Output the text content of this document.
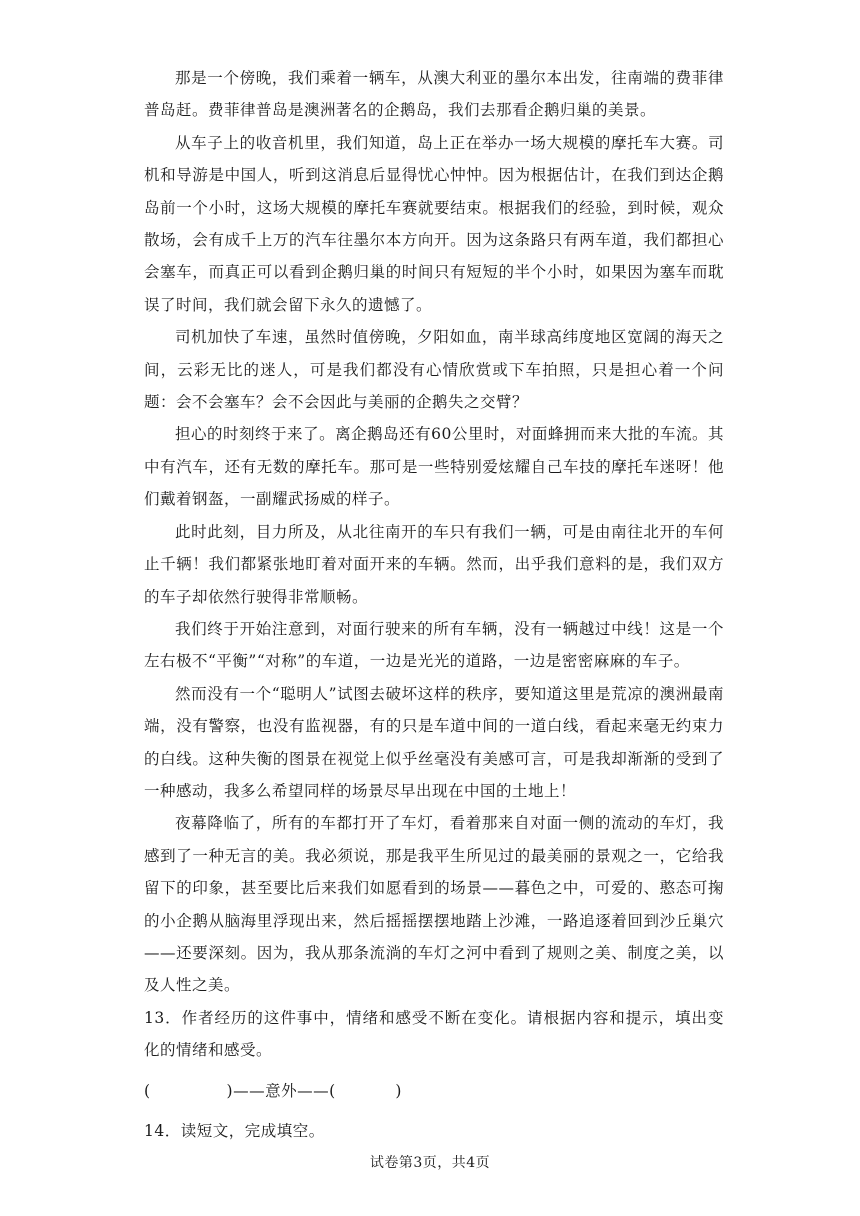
那是一个傍晚，我们乘着一辆车，从澳大利亚的墨尔本出发，往南端的费菲律普岛赶。费菲律普岛是澳洲著名的企鹅岛，我们去那看企鹅归巢的美景。

从车子上的收音机里，我们知道，岛上正在举办一场大规模的摩托车大赛。司机和导游是中国人，听到这消息后显得忧心忡忡。因为根据估计，在我们到达企鹅岛前一个小时，这场大规模的摩托车赛就要结束。根据我们的经验，到时候，观众散场，会有成千上万的汽车往墨尔本方向开。因为这条路只有两车道，我们都担心会塞车，而真正可以看到企鹅归巢的时间只有短短的半个小时，如果因为塞车而耽误了时间，我们就会留下永久的遗憾了。

司机加快了车速，虽然时值傍晚，夕阳如血，南半球高纬度地区宽阔的海天之间，云彩无比的迷人，可是我们都没有心情欣赏或下车拍照，只是担心着一个问题：会不会塞车？会不会因此与美丽的企鹅失之交臂？

担心的时刻终于来了。离企鹅岛还有60公里时，对面蜂拥而来大批的车流。其中有汽车，还有无数的摩托车。那可是一些特别爱炫耀自己车技的摩托车迷呀！他们戴着钢盔，一副耀武扬威的样子。

此时此刻，目力所及，从北往南开的车只有我们一辆，可是由南往北开的车何止千辆！我们都紧张地盯着对面开来的车辆。然而，出乎我们意料的是，我们双方的车子却依然行驶得非常顺畅。

我们终于开始注意到，对面行驶来的所有车辆，没有一辆越过中线！这是一个左右极不“平衡”“对称”的车道，一边是光光的道路，一边是密密麻麻的车子。

然而没有一个“聪明人”试图去破坏这样的秩序，要知道这里是荒凉的澳洲最南端，没有警察，也没有监视器，有的只是车道中间的一道白线，看起来毫无约束力的白线。这种失衡的图景在视觉上似乎丝毫没有美感可言，可是我却渐渐的受到了一种感动，我多么希望同样的场景尽早出现在中国的土地上！

夜幕降临了，所有的车都打开了车灯，看着那来自对面一侧的流动的车灯，我感到了一种无言的美。我必须说，那是我平生所见过的最美丽的景观之一，它给我留下的印象，甚至要比后来我们如愿看到的场景——暮色之中，可爱的、憨态可掬的小企鹅从脑海里浮现出来，然后摇摇摆摆地踏上沙滩，一路追逐着回到沙丘巢穴——还要深刻。因为，我从那条流淌的车灯之河中看到了规则之美、制度之美，以及人性之美。

13．作者经历的这件事中，情绪和感受不断在变化。请根据内容和提示，填出变化的情绪和感受。

(              )——意外——(           )

14．读短文，完成填空。

试卷第3页，共4页
